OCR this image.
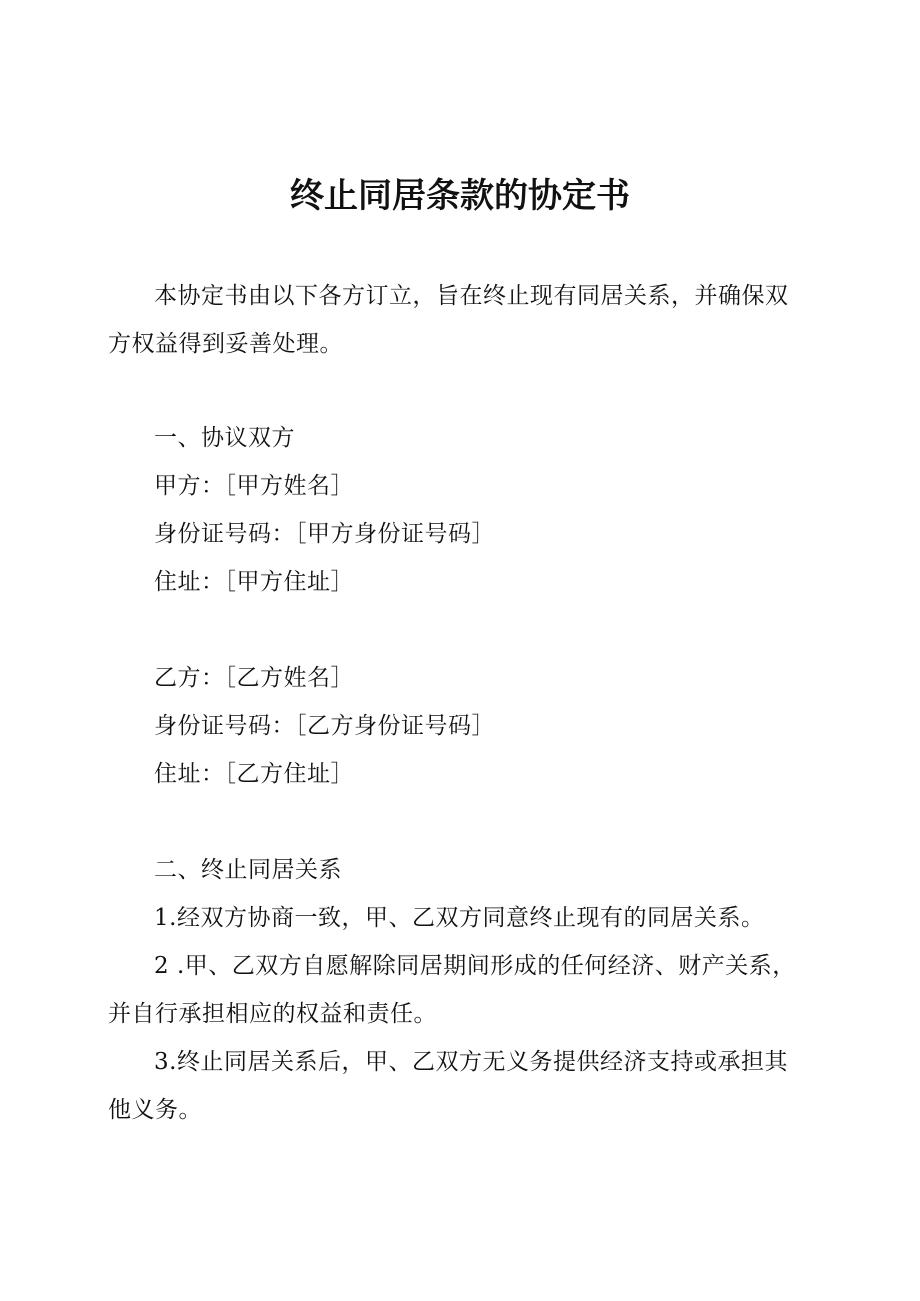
终止同居条款的协定书

本协定书由以下各方订立，旨在终止现有同居关系，并确保双方权益得到妥善处理。

一、协议双方

甲方：［甲方姓名］

身份证号码：［甲方身份证号码］

住址：［甲方住址］

乙方：［乙方姓名］

身份证号码：［乙方身份证号码］

住址：［乙方住址］

二、终止同居关系

1.经双方协商一致，甲、乙双方同意终止现有的同居关系。

2 .甲、乙双方自愿解除同居期间形成的任何经济、财产关系，并自行承担相应的权益和责任。

3.终止同居关系后，甲、乙双方无义务提供经济支持或承担其他义务。
